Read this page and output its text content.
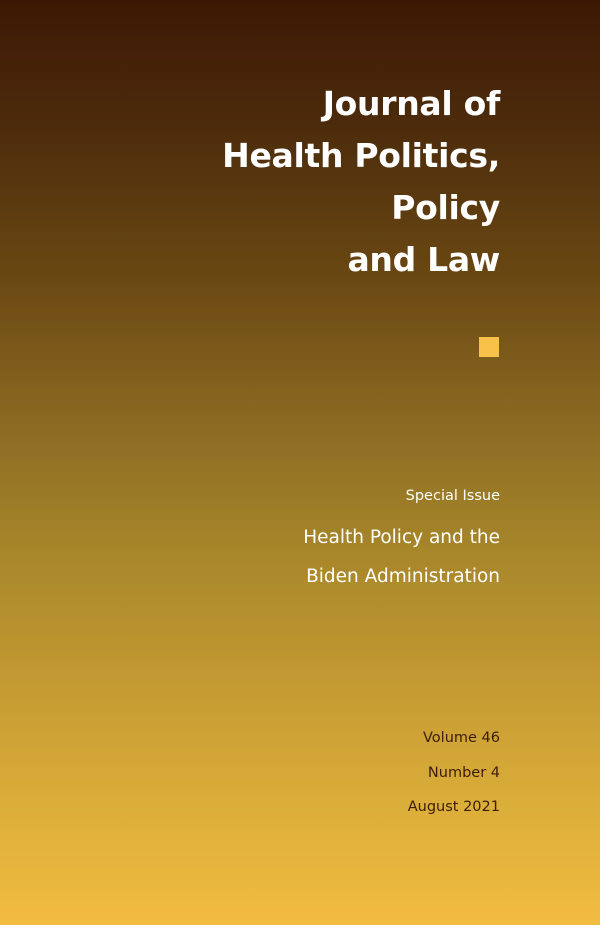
Journal of
Health Politics,
Policy
and Law
Special Issue
Health Policy and the
Biden Administration
Volume 46
Number 4
August 2021
